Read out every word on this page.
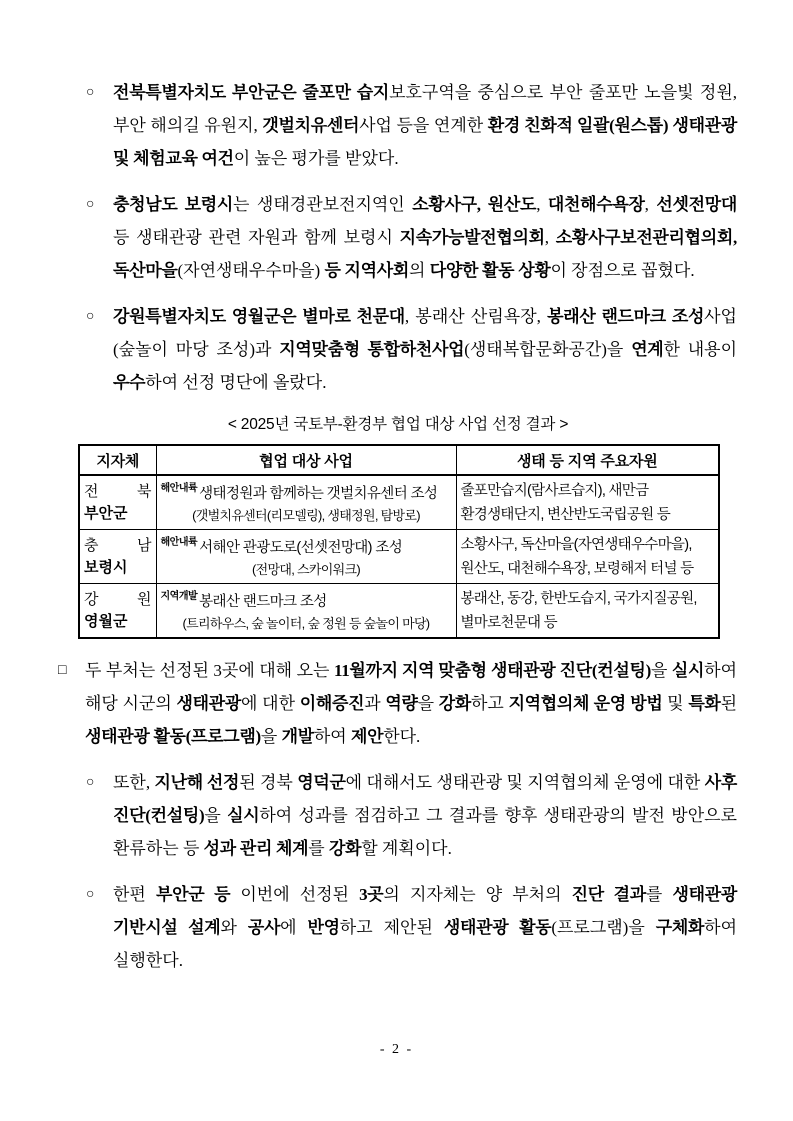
○	전북특별자치도 부안군은 줄포만 습지보호구역을 중심으로 부안 줄포만 노을빛 정원, 부안 해의길 유원지, 갯벌치유센터사업 등을 연계한 환경 친화적 일괄(원스톱) 생태관광 및 체험교육 여건이 높은 평가를 받았다.
○	충청남도 보령시는 생태경관보전지역인 소황사구, 원산도, 대천해수욕장, 선셋전망대 등 생태관광 관련 자원과 함께 보령시 지속가능발전협의회, 소황사구보전관리협의회, 독산마을(자연생태우수마을) 등 지역사회의 다양한 활동 상황이 장점으로 꼽혔다.
○	강원특별자치도 영월군은 별마로 천문대, 봉래산 산림욕장, 봉래산 랜드마크 조성사업(숲놀이 마당 조성)과 지역맞춤형 통합하천사업(생태복합문화공간)을 연계한 내용이 우수하여 선정 명단에 올랐다.
< 2025년 국토부-환경부 협업 대상 사업 선정 결과 >
지자체	협업 대상 사업	생태 등 지역 주요자원

전 북
부안군
	$^{해안내륙}$ 생태정원과 함께하는 갯벌치유센터 조성
(갯벌치유센터(리모델링), 생태정원, 탐방로)
	줄포만습지(람사르습지), 새만금 환경생태단지, 변산반도국립공원 등

충 남
보령시
	$^{해안내륙}$ 서해안 관광도로(선셋전망대) 조성
(전망대, 스카이워크)
	소황사구, 독산마을(자연생태우수마을), 원산도, 대천해수욕장, 보령해저 터널 등

강 원
영월군
	$^{지역개발}$ 봉래산 랜드마크 조성
(트리하우스, 숲 놀이터, 숲 정원 등 숲놀이 마당)
	봉래산, 동강, 한반도습지, 국가지질공원, 별마로천문대 등
□	두 부처는 선정된 3곳에 대해 오는 11월까지 지역 맞춤형 생태관광 진단(컨설팅)을 실시하여 해당 시군의 생태관광에 대한 이해증진과 역량을 강화하고 지역협의체 운영 방법 및 특화된 생태관광 활동(프로그램)을 개발하여 제안한다.
○	또한, 지난해 선정된 경북 영덕군에 대해서도 생태관광 및 지역협의체 운영에 대한 사후 진단(컨설팅)을 실시하여 성과를 점검하고 그 결과를 향후 생태관광의 발전 방안으로 환류하는 등 성과 관리 체계를 강화할 계획이다.
○	한편 부안군 등 이번에 선정된 3곳의 지자체는 양 부처의 진단 결과를 생태관광 기반시설 설계와 공사에 반영하고 제안된 생태관광 활동(프로그램)을 구체화하여 실행한다.
- 2 -
